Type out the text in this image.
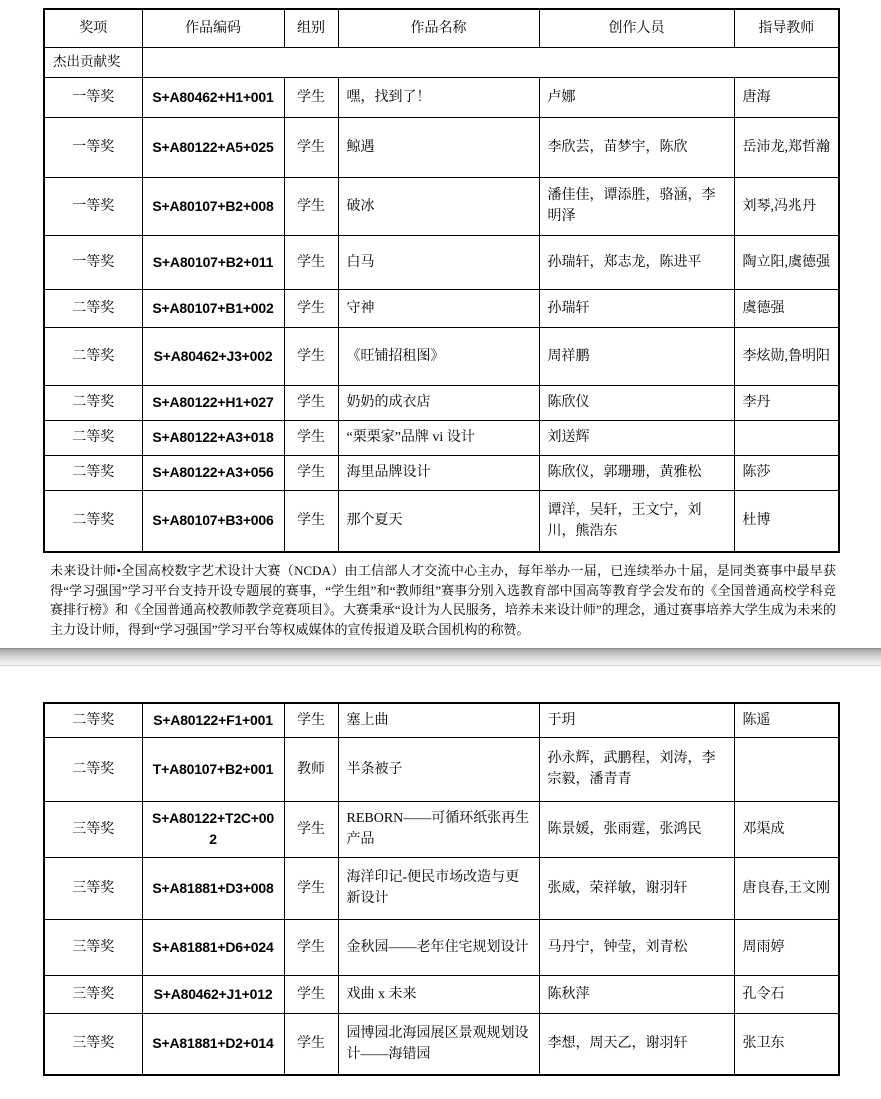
奖项	作品编码	组别	作品名称	创作人员	指导教师
杰出贡献奖					
一等奖	S+A80462+H1+001	学生	嘿，找到了！	卢娜	唐海
一等奖	S+A80122+A5+025	学生	鲸遇	李欣芸，苗梦宇，陈欣	岳沛龙,郑哲瀚
一等奖	S+A80107+B2+008	学生	破冰	潘佳佳，谭添胜，骆涵，李明泽	刘琴,冯兆丹
一等奖	S+A80107+B2+011	学生	白马	孙瑞轩，郑志龙，陈进平	陶立阳,虞德强
二等奖	S+A80107+B1+002	学生	守神	孙瑞轩	虞德强
二等奖	S+A80462+J3+002	学生	《旺铺招租图》	周祥鹏	李炫勋,鲁明阳
二等奖	S+A80122+H1+027	学生	奶奶的成衣店	陈欣仪	李丹
二等奖	S+A80122+A3+018	学生	“栗栗家”品牌 vi 设计	刘送辉	
二等奖	S+A80122+A3+056	学生	海里品牌设计	陈欣仪，郭珊珊，黄雅松	陈莎
二等奖	S+A80107+B3+006	学生	那个夏天	谭洋，吴轩，王文宁，刘川，熊浩东	杜博

未来设计师•全国高校数字艺术设计大赛（NCDA）由工信部人才交流中心主办，每年举办一届，已连续举办十届，是同类赛事中最早获得“学习强国”学习平台支持开设专题展的赛事，“学生组”和“教师组”赛事分别入选教育部中国高等教育学会发布的《全国普通高校学科竞赛排行榜》和《全国普通高校教师教学竞赛项目》。大赛秉承“设计为人民服务，培养未来设计师”的理念，通过赛事培养大学生成为未来的主力设计师，得到“学习强国”学习平台等权威媒体的宣传报道及联合国机构的称赞。

二等奖	S+A80122+F1+001	学生	塞上曲	于玥	陈遥
二等奖	T+A80107+B2+001	教师	半条被子	孙永辉，武鹏程，刘涛，李宗毅，潘青青	
三等奖	S+A80122+T2C+002	学生	REBORN——可循环纸张再生产品	陈景媛，张雨霆，张鸿民	邓渠成
三等奖	S+A81881+D3+008	学生	海洋印记-便民市场改造与更新设计	张威，荣祥敏，谢羽轩	唐良春,王文刚
三等奖	S+A81881+D6+024	学生	金秋园——老年住宅规划设计	马丹宁，钟莹，刘青松	周雨婷
三等奖	S+A80462+J1+012	学生	戏曲 x 未来	陈秋萍	孔令石
三等奖	S+A81881+D2+014	学生	园博园北海园展区景观规划设计——海错园	李想，周天乙，谢羽轩	张卫东
